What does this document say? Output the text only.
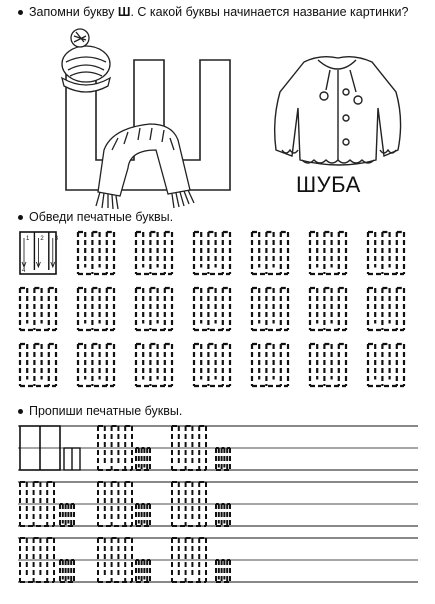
Запомни букву Ш. С какой буквы начинается название картинки?
ШУБА
Обведи печатные буквы.
Пропиши печатные буквы.
1 2 3
4
